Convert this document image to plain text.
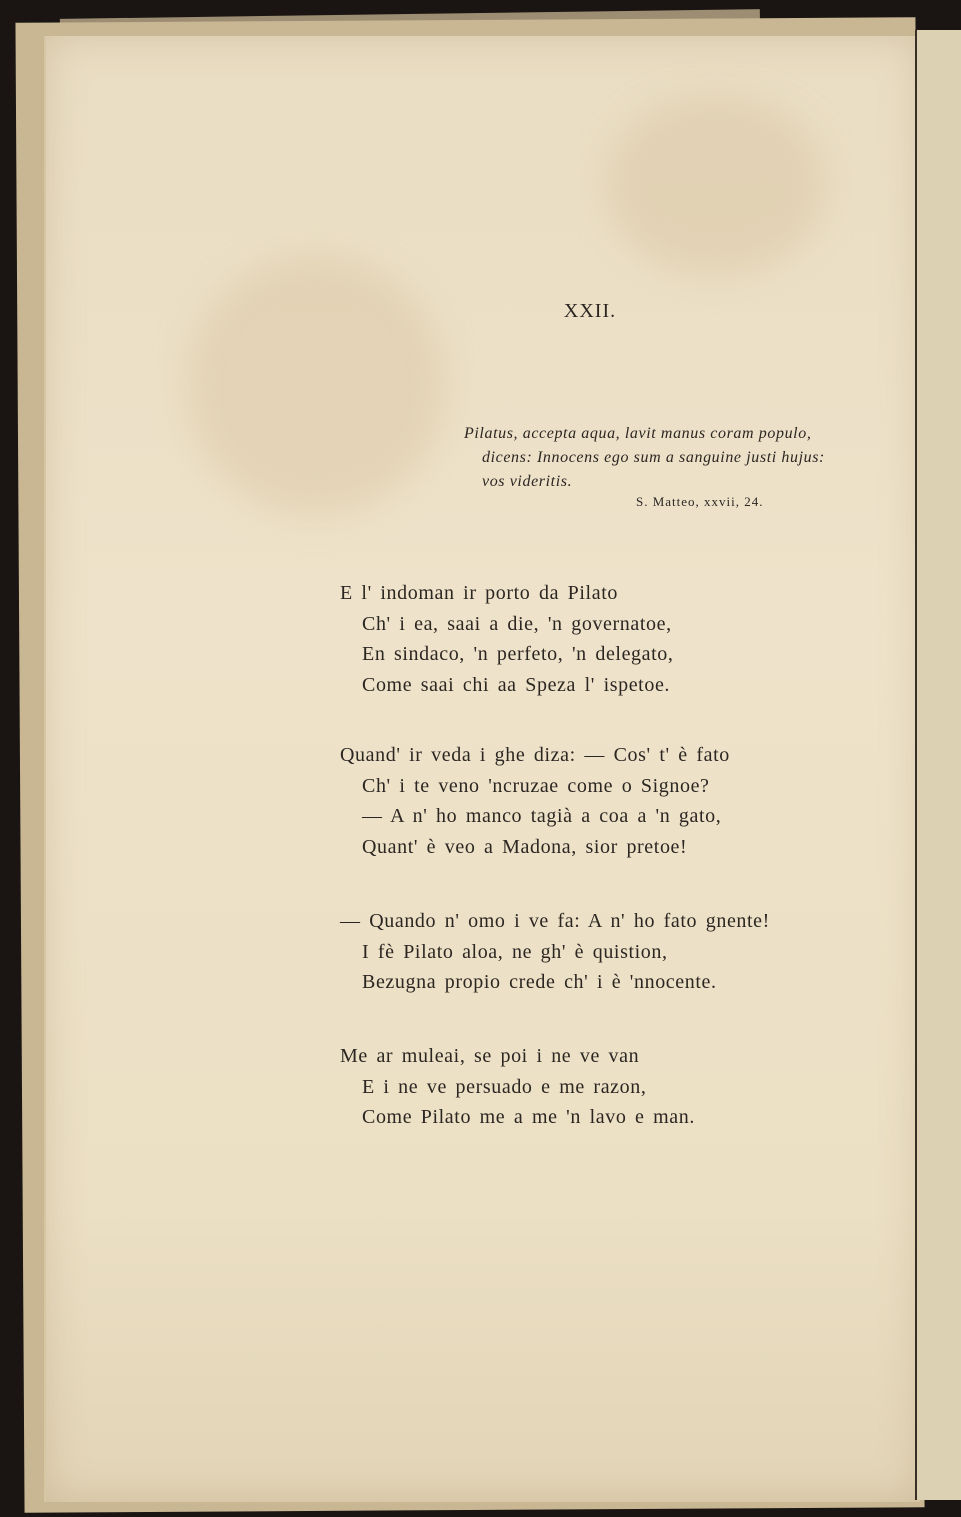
XXII.
Pilatus, accepta aqua, lavit manus coram populo,
dicens: Innocens ego sum a sanguine justi hujus:
vos videritis.
S. Matteo, xxvii, 24.
E l' indoman ir porto da Pilato
Ch' i ea, saai a die, 'n governatoe,
En sindaco, 'n perfeto, 'n delegato,
Come saai chi aa Speza l' ispetoe.
Quand' ir veda i ghe diza: — Cos' t' è fato
Ch' i te veno 'ncruzae come o Signoe?
— A n' ho manco tagià a coa a 'n gato,
Quant' è veo a Madona, sior pretoe!
— Quando n' omo i ve fa: A n' ho fato gnente!
I fè Pilato aloa, ne gh' è quistion,
Bezugna propio crede ch' i è 'nnocente.
Me ar muleai, se poi i ne ve van
E i ne ve persuado e me razon,
Come Pilato me a me 'n lavo e man.
